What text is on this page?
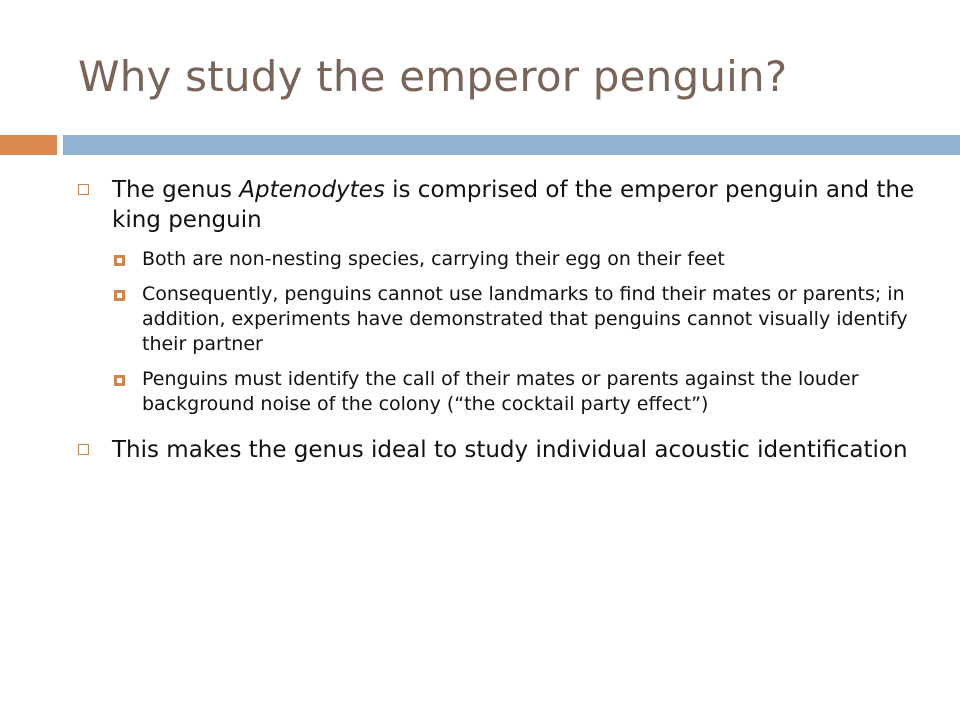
Why study the emperor penguin?
The genus Aptenodytes is comprised of the emperor penguin and the king penguin
Both are non-nesting species, carrying their egg on their feet
Consequently, penguins cannot use landmarks to find their mates or parents; in addition, experiments have demonstrated that penguins cannot visually identify their partner
Penguins must identify the call of their mates or parents against the louder background noise of the colony (“the cocktail party effect”)
This makes the genus ideal to study individual acoustic identification
